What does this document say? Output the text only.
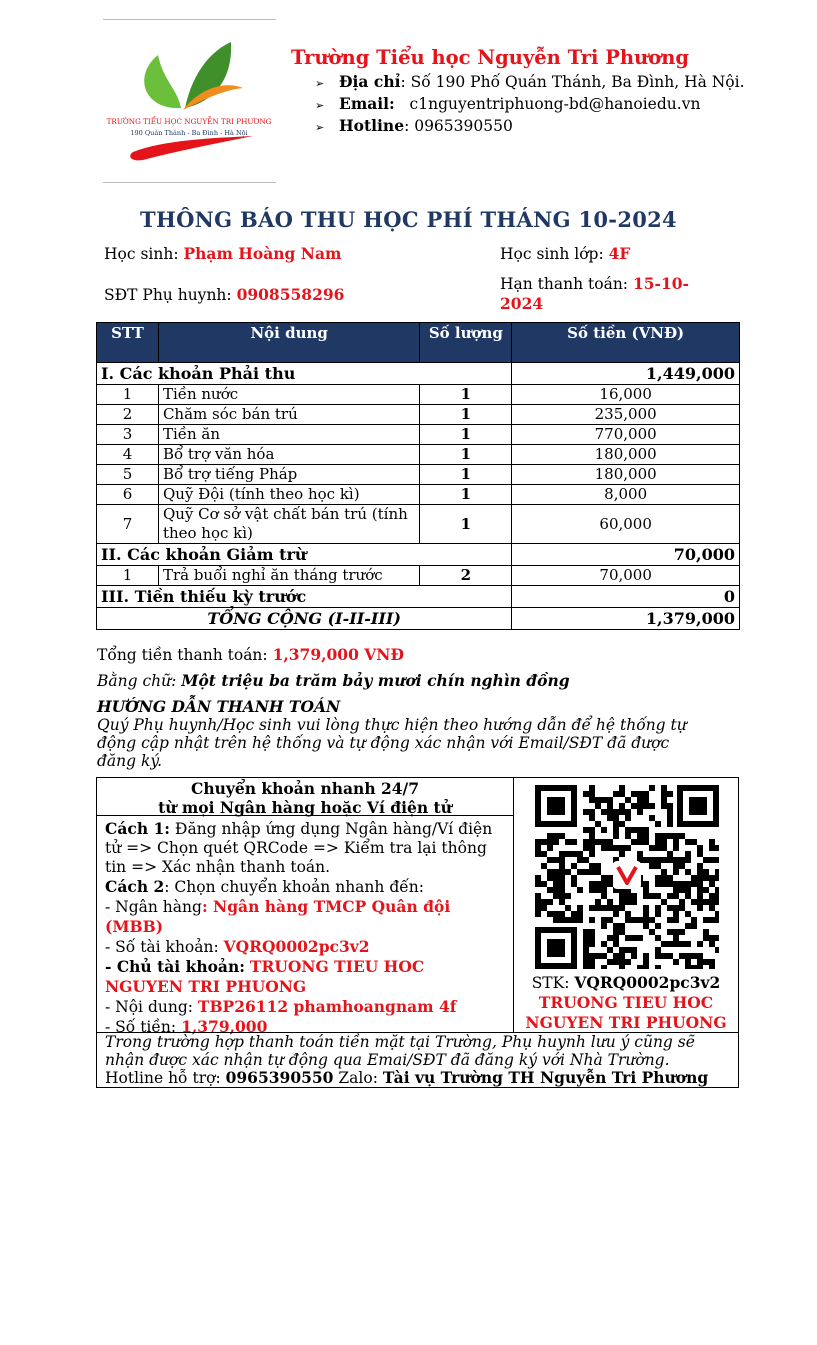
TRƯỜNG TIỂU HỌC NGUYỄN TRI PHƯƠNG
190 Quán Thánh - Ba Đình - Hà Nội
Trường Tiểu học Nguyễn Tri Phương
➢ Địa chỉ: Số 190 Phố Quán Thánh, Ba Đình, Hà Nội.
➢ Email: c1nguyentriphuong-bd@hanoiedu.vn
➢ Hotline: 0965390550
THÔNG BÁO THU HỌC PHÍ THÁNG 10-2024
Học sinh: Phạm Hoàng Nam	Học sinh lớp: 4F
SĐT Phụ huynh: 0908558296
Hạn thanh toán: 15-10-
2024
STT	Nội dung	Số lượng	Số tiền (VNĐ)
I. Các khoản Phải thu			1,449,000
1	Tiền nước	1	16,000
2	Chăm sóc bán trú	1	235,000
3	Tiền ăn	1	770,000
4	Bổ trợ văn hóa	1	180,000
5	Bổ trợ tiếng Pháp	1	180,000
6	Quỹ Đội (tính theo học kì)	1	8,000
7	Quỹ Cơ sở vật chất bán trú (tính theo học kì)	1	60,000
II. Các khoản Giảm trừ			70,000
1	Trả buổi nghỉ ăn tháng trước	2	70,000
III. Tiền thiếu kỳ trước			0
TỔNG CỘNG (I-II-III)			1,379,000
Tổng tiền thanh toán: 1,379,000 VNĐ
Bằng chữ: Một triệu ba trăm bảy mươi chín nghìn đồng
HƯỚNG DẪN THANH TOÁN
Quý Phụ huynh/Học sinh vui lòng thực hiện theo hướng dẫn để hệ thống tự
động cập nhật trên hệ thống và tự động xác nhận với Email/SĐT đã được
đăng ký.
Chuyển khoản nhanh 24/7
từ mọi Ngân hàng hoặc Ví điện tử
Cách 1: Đăng nhập ứng dụng Ngân hàng/Ví điện
tử => Chọn quét QRCode => Kiểm tra lại thông
tin => Xác nhận thanh toán.
Cách 2: Chọn chuyển khoản nhanh đến:
- Ngân hàng: Ngân hàng TMCP Quân đội
(MBB)
- Số tài khoản: VQRQ0002pc3v2
- Chủ tài khoản: TRUONG TIEU HOC
NGUYEN TRI PHUONG
- Nội dung: TBP26112 phamhoangnam 4f
- Số tiền: 1,379,000
STK: VQRQ0002pc3v2
TRUONG TIEU HOC
NGUYEN TRI PHUONG
Trong trường hợp thanh toán tiền mặt tại Trường, Phụ huynh lưu ý cũng sẽ
nhận được xác nhận tự động qua Emai/SĐT đã đăng ký với Nhà Trường.
Hotline hỗ trợ: 0965390550 Zalo: Tài vụ Trường TH Nguyễn Tri Phương
